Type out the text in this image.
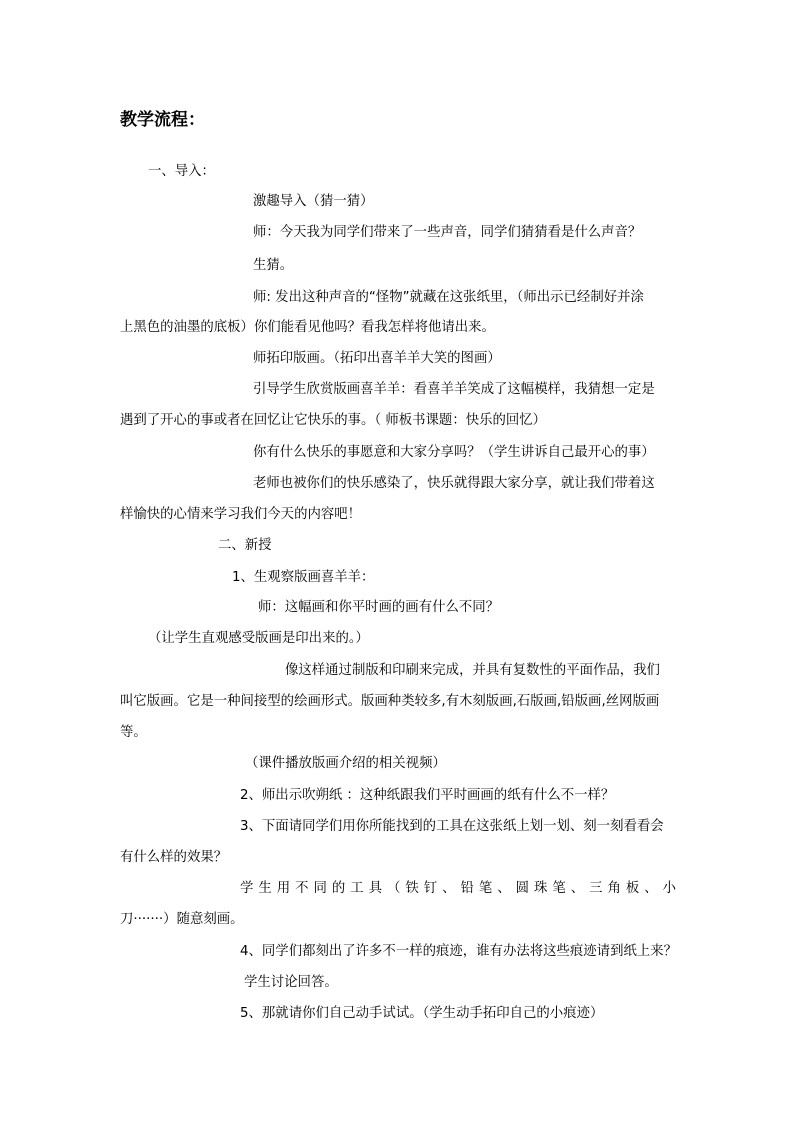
教学流程：

一、导入：

激趣导入（猜一猜）

师：今天我为同学们带来了一些声音，同学们猜猜看是什么声音？

生猜。

师: 发出这种声音的“怪物”就藏在这张纸里，（师出示已经制好并涂

上黑色的油墨的底板）你们能看见他吗？看我怎样将他请出来。

师拓印版画。（拓印出喜羊羊大笑的图画）

引导学生欣赏版画喜羊羊：看喜羊羊笑成了这幅模样，我猜想一定是

遇到了开心的事或者在回忆让它快乐的事。（ 师板书课题：快乐的回忆）

你有什么快乐的事愿意和大家分享吗？（学生讲诉自己最开心的事）

老师也被你们的快乐感染了，快乐就得跟大家分享，就让我们带着这

样愉快的心情来学习我们今天的内容吧！

二、新授

1、生观察版画喜羊羊：

师：这幅画和你平时画的画有什么不同？

（让学生直观感受版画是印出来的。）

像这样通过制版和印刷来完成，并具有复数性的平面作品，我们

叫它版画。它是一种间接型的绘画形式。版画种类较多,有木刻版画,石版画,铅版画,丝网版画

等。

（课件播放版画介绍的相关视频）

2、师出示吹朔纸 ：这种纸跟我们平时画画的纸有什么不一样？

3、下面请同学们用你所能找到的工具在这张纸上划一划、刻一刻看看会

有什么样的效果？

学生用不同的工具（铁钉、铅笔、圆珠笔、三角板、小

刀·······）随意刻画。

4、同学们都刻出了许多不一样的痕迹，谁有办法将这些痕迹请到纸上来？

学生讨论回答。

5、那就请你们自己动手试试。（学生动手拓印自己的小痕迹）
